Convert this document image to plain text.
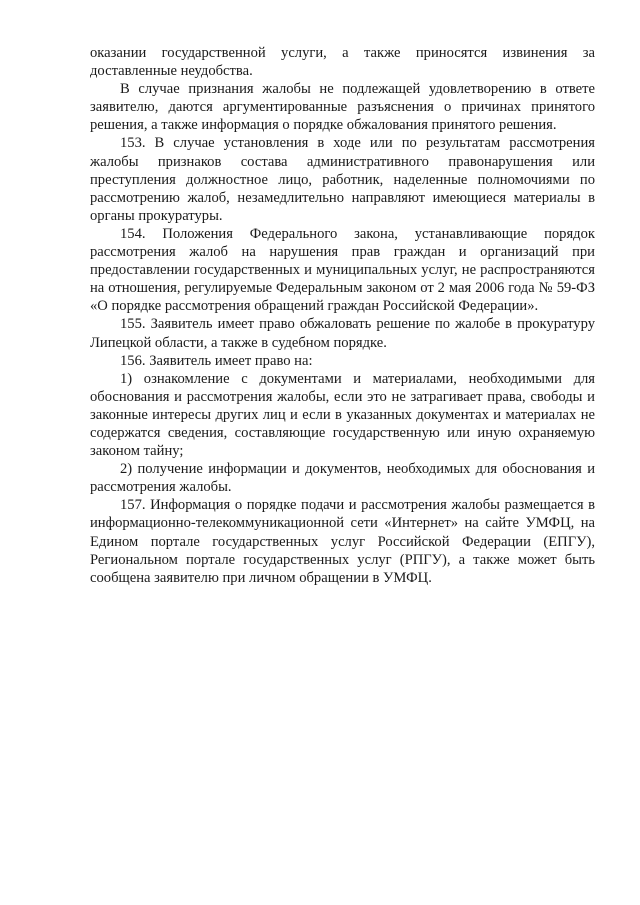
оказании государственной услуги, а также приносятся извинения за доставленные неудобства.

В случае признания жалобы не подлежащей удовлетворению в ответе заявителю, даются аргументированные разъяснения о причинах принятого решения, а также информация о порядке обжалования принятого решения.

153. В случае установления в ходе или по результатам рассмотрения жалобы признаков состава административного правонарушения или преступления должностное лицо, работник, наделенные полномочиями по рассмотрению жалоб, незамедлительно направляют имеющиеся материалы в органы прокуратуры.

154. Положения Федерального закона, устанавливающие порядок рассмотрения жалоб на нарушения прав граждан и организаций при предоставлении государственных и муниципальных услуг, не распространяются на отношения, регулируемые Федеральным законом от 2 мая 2006 года № 59-ФЗ «О порядке рассмотрения обращений граждан Российской Федерации».

155. Заявитель имеет право обжаловать решение по жалобе в прокуратуру Липецкой области, а также в судебном порядке.

156. Заявитель имеет право на:

1) ознакомление с документами и материалами, необходимыми для обоснования и рассмотрения жалобы, если это не затрагивает права, свободы и законные интересы других лиц и если в указанных документах и материалах не содержатся сведения, составляющие государственную или иную охраняемую законом тайну;

2) получение информации и документов, необходимых для обоснования и рассмотрения жалобы.

157. Информация о порядке подачи и рассмотрения жалобы размещается в информационно-телекоммуникационной сети «Интернет» на сайте УМФЦ, на Едином портале государственных услуг Российской Федерации (ЕПГУ), Региональном портале государственных услуг (РПГУ), а также может быть сообщена заявителю при личном обращении в УМФЦ.
